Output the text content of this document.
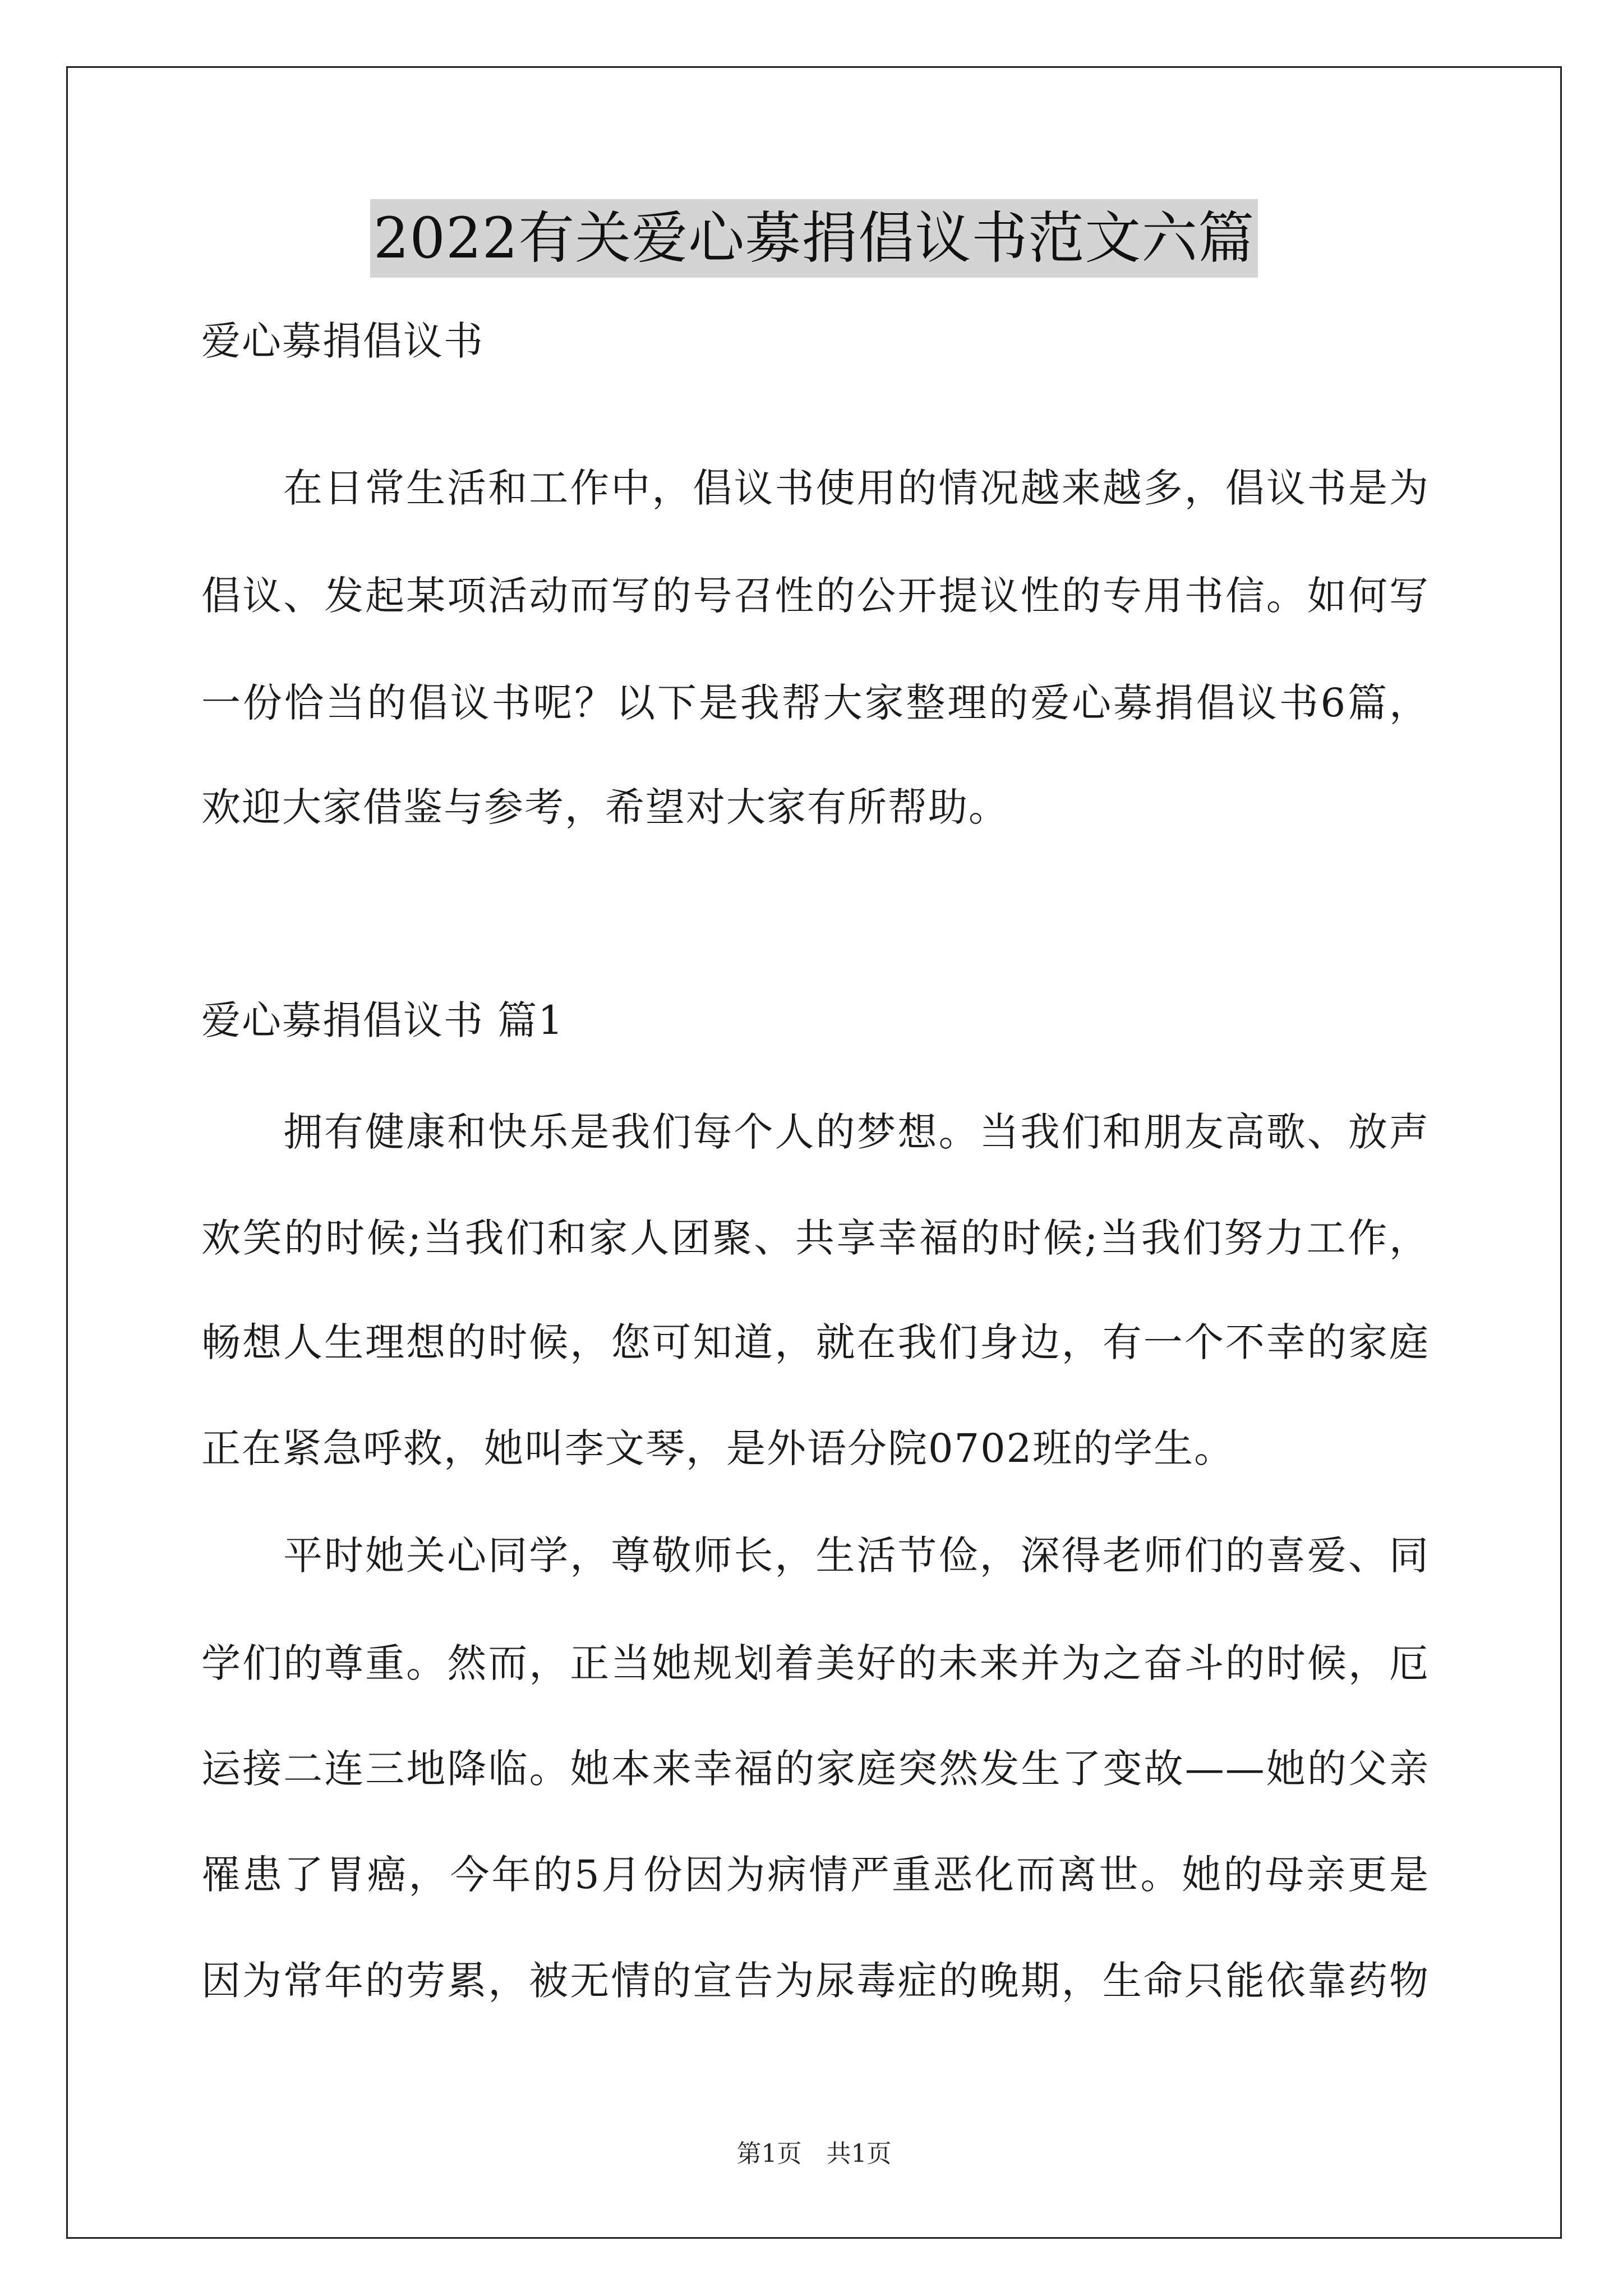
2022有关爱心募捐倡议书范文六篇
爱心募捐倡议书
在日常生活和工作中，倡议书使用的情况越来越多，倡议书是为
倡议、发起某项活动而写的号召性的公开提议性的专用书信。如何写
一份恰当的倡议书呢？以下是我帮大家整理的爱心募捐倡议书6篇，
欢迎大家借鉴与参考，希望对大家有所帮助。
爱心募捐倡议书 篇1
拥有健康和快乐是我们每个人的梦想。当我们和朋友高歌、放声
欢笑的时候;当我们和家人团聚、共享幸福的时候;当我们努力工作，
畅想人生理想的时候，您可知道，就在我们身边，有一个不幸的家庭
正在紧急呼救，她叫李文琴，是外语分院0702班的学生。
平时她关心同学，尊敬师长，生活节俭，深得老师们的喜爱、同
学们的尊重。然而，正当她规划着美好的未来并为之奋斗的时候，厄
运接二连三地降临。她本来幸福的家庭突然发生了变故——她的父亲
罹患了胃癌，今年的5月份因为病情严重恶化而离世。她的母亲更是
因为常年的劳累，被无情的宣告为尿毒症的晚期，生命只能依靠药物
第1页　共1页
